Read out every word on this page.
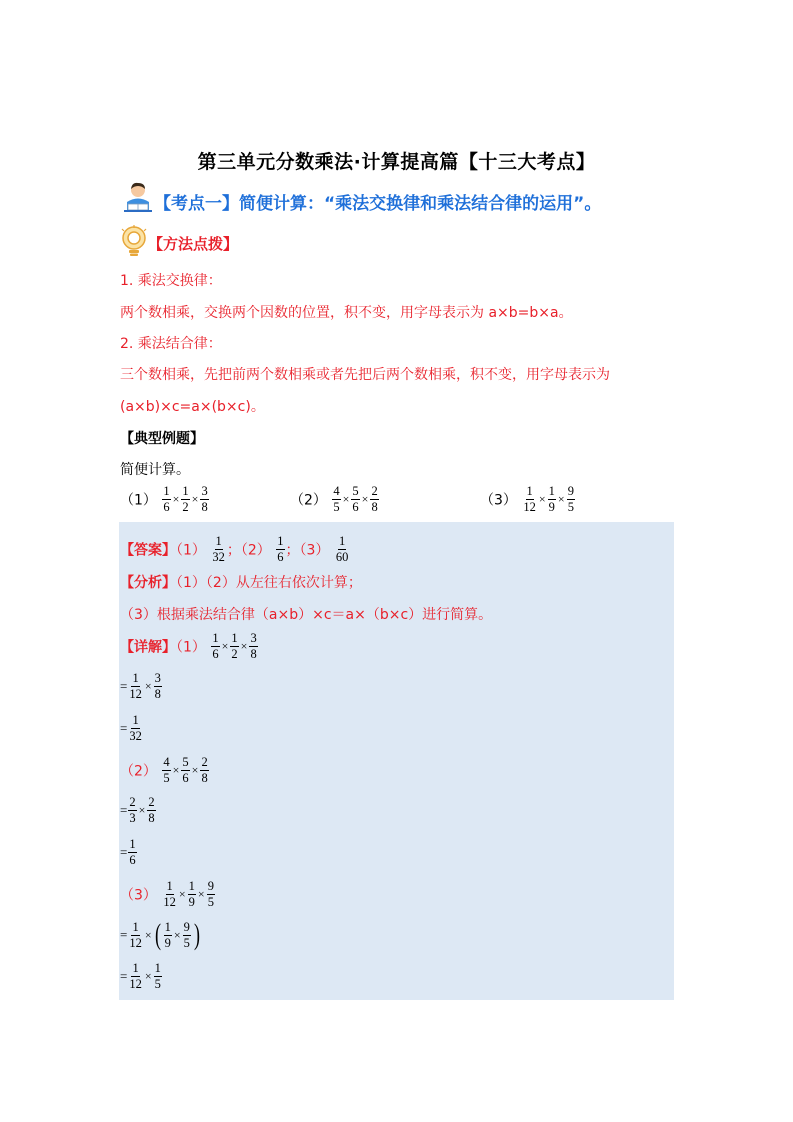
第三单元分数乘法·计算提高篇【十三大考点】
【考点一】简便计算：“乘法交换律和乘法结合律的运用”。
【方法点拨】
1. 乘法交换律：
两个数相乘，交换两个因数的位置，积不变，用字母表示为 a×b=b×a。
2. 乘法结合律：
三个数相乘，先把前两个数相乘或者先把后两个数相乘，积不变，用字母表示为
(a×b)×c=a×(b×c)。
【典型例题】
简便计算。
$(1) \frac{1}{6} \times \frac{1}{2} \times \frac{3}{8}$	$(2) \frac{4}{5} \times \frac{5}{6} \times \frac{2}{8}$	$(3) \frac{1}{12} \times \frac{1}{9} \times \frac{9}{5}$
【答案】$(1) \frac{1}{32}$ ；$(2) \frac{1}{6}$ ；$(3) \frac{1}{60}$
【分析】（1）（2）从左往右依次计算；
（3）根据乘法结合律（a×b）×c＝a×（b×c）进行简算。
【详解】$(1) \frac{1}{6} \times \frac{1}{2} \times \frac{3}{8}$
= $\frac{1}{12} \times \frac{3}{8}$
= $\frac{1}{32}$
$(2) \frac{4}{5} \times \frac{5}{6} \times \frac{2}{8}$
= $\frac{2}{3} \times \frac{2}{8}$
= $\frac{1}{6}$
$(3) \frac{1}{12} \times \frac{1}{9} \times \frac{9}{5}$
= $\frac{1}{12}$ × ( $\frac{1}{9} \times \frac{9}{5}$ )
= $\frac{1}{12} \times \frac{1}{5}$
